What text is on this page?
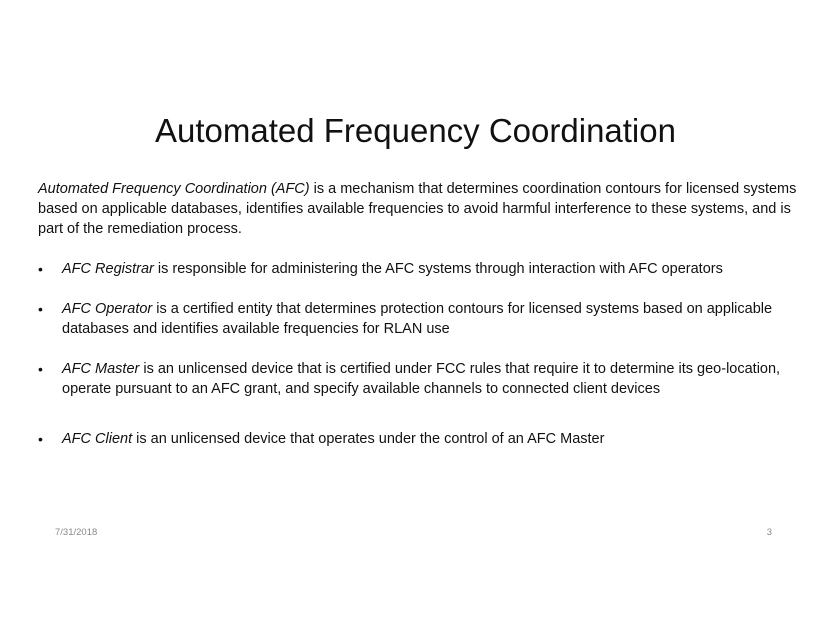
Automated Frequency Coordination

Automated Frequency Coordination (AFC) is a mechanism that determines coordination contours for licensed systems based on applicable databases, identifies available frequencies to avoid harmful interference to these systems, and is part of the remediation process.

•	AFC Registrar is responsible for administering the AFC systems through interaction with AFC operators
•	AFC Operator is a certified entity that determines protection contours for licensed systems based on applicable databases and identifies available frequencies for RLAN use
•	AFC Master is an unlicensed device that is certified under FCC rules that require it to determine its geo-location, operate pursuant to an AFC grant, and specify available channels to connected client devices
•	AFC Client is an unlicensed device that operates under the control of an AFC Master
7/31/2018	3
